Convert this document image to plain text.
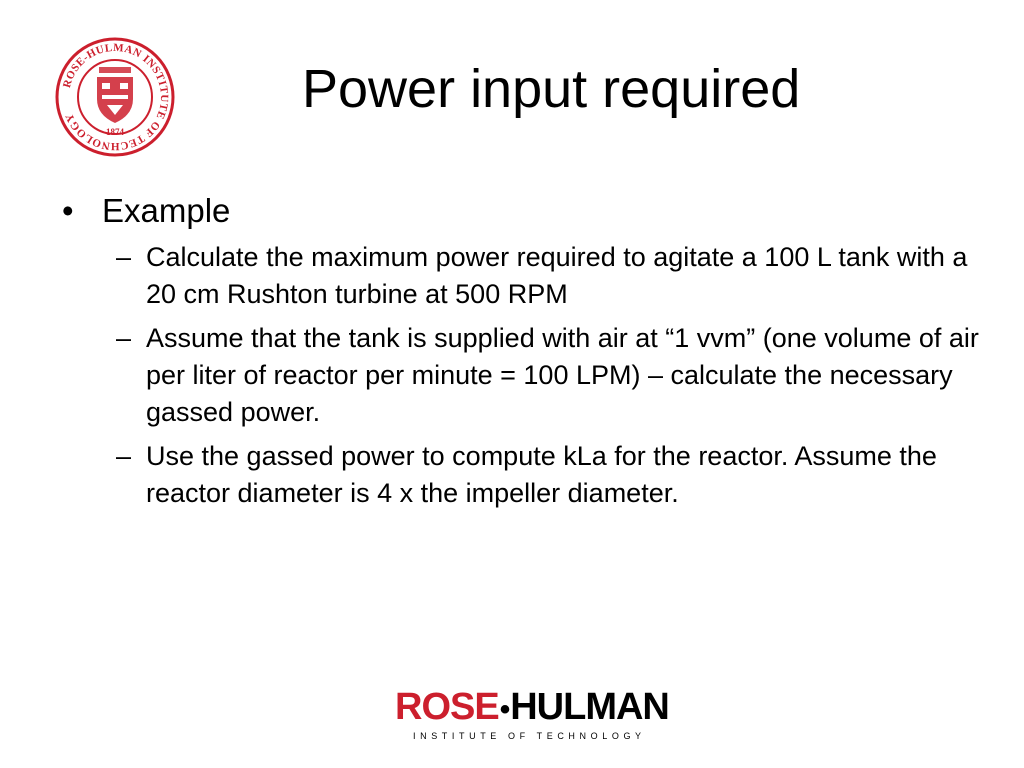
ROSE-HULMAN INSTITUTE OF TECHNOLOGY
1874
Power input required
• Example
– Calculate the maximum power required to agitate a 100 L tank with a 20 cm Rushton turbine at 500 RPM
– Assume that the tank is supplied with air at “1 vvm” (one volume of air per liter of reactor per minute = 100 LPM) – calculate the necessary gassed power.
– Use the gassed power to compute kLa for the reactor. Assume the reactor diameter is 4 x the impeller diameter.
ROSE • HULMAN
INSTITUTE OF TECHNOLOGY
